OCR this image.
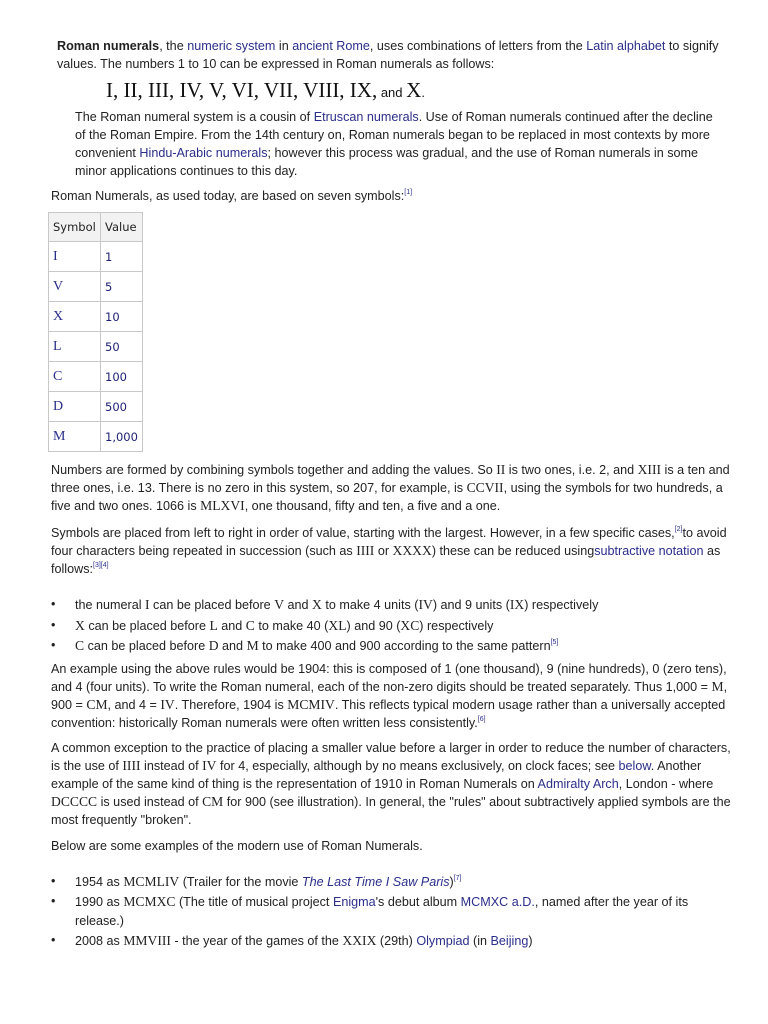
Roman numerals, the numeric system in ancient Rome, uses combinations of letters from the Latin alphabet to signify values. The numbers 1 to 10 can be expressed in Roman numerals as follows:

I, II, III, IV, V, VI, VII, VIII, IX, and X.

The Roman numeral system is a cousin of Etruscan numerals. Use of Roman numerals continued after the decline of the Roman Empire. From the 14th century on, Roman numerals began to be replaced in most contexts by more convenient Hindu-Arabic numerals; however this process was gradual, and the use of Roman numerals in some minor applications continues to this day.

Roman Numerals, as used today, are based on seven symbols:[1]

Symbol	Value
I	1
V	5
X	10
L	50
C	100
D	500
M	1,000

Numbers are formed by combining symbols together and adding the values. So II is two ones, i.e. 2, and XIII is a ten and three ones, i.e. 13. There is no zero in this system, so 207, for example, is CCVII, using the symbols for two hundreds, a five and two ones. 1066 is MLXVI, one thousand, fifty and ten, a five and a one.

Symbols are placed from left to right in order of value, starting with the largest. However, in a few specific cases,[2]to avoid four characters being repeated in succession (such as IIII or XXXX) these can be reduced usingsubtractive notation as follows:[3][4]

• the numeral I can be placed before V and X to make 4 units (IV) and 9 units (IX) respectively
• X can be placed before L and C to make 40 (XL) and 90 (XC) respectively
• C can be placed before D and M to make 400 and 900 according to the same pattern[5]

An example using the above rules would be 1904: this is composed of 1 (one thousand), 9 (nine hundreds), 0 (zero tens), and 4 (four units). To write the Roman numeral, each of the non-zero digits should be treated separately. Thus 1,000 = M, 900 = CM, and 4 = IV. Therefore, 1904 is MCMIV. This reflects typical modern usage rather than a universally accepted convention: historically Roman numerals were often written less consistently.[6]

A common exception to the practice of placing a smaller value before a larger in order to reduce the number of characters, is the use of IIII instead of IV for 4, especially, although by no means exclusively, on clock faces; see below. Another example of the same kind of thing is the representation of 1910 in Roman Numerals on Admiralty Arch, London - where DCCCC is used instead of CM for 900 (see illustration). In general, the "rules" about subtractively applied symbols are the most frequently "broken".

Below are some examples of the modern use of Roman Numerals.

• 1954 as MCMLIV (Trailer for the movie The Last Time I Saw Paris)[7]
• 1990 as MCMXC (The title of musical project Enigma's debut album MCMXC a.D., named after the year of its release.)
• 2008 as MMVIII - the year of the games of the XXIX (29th) Olympiad (in Beijing)
